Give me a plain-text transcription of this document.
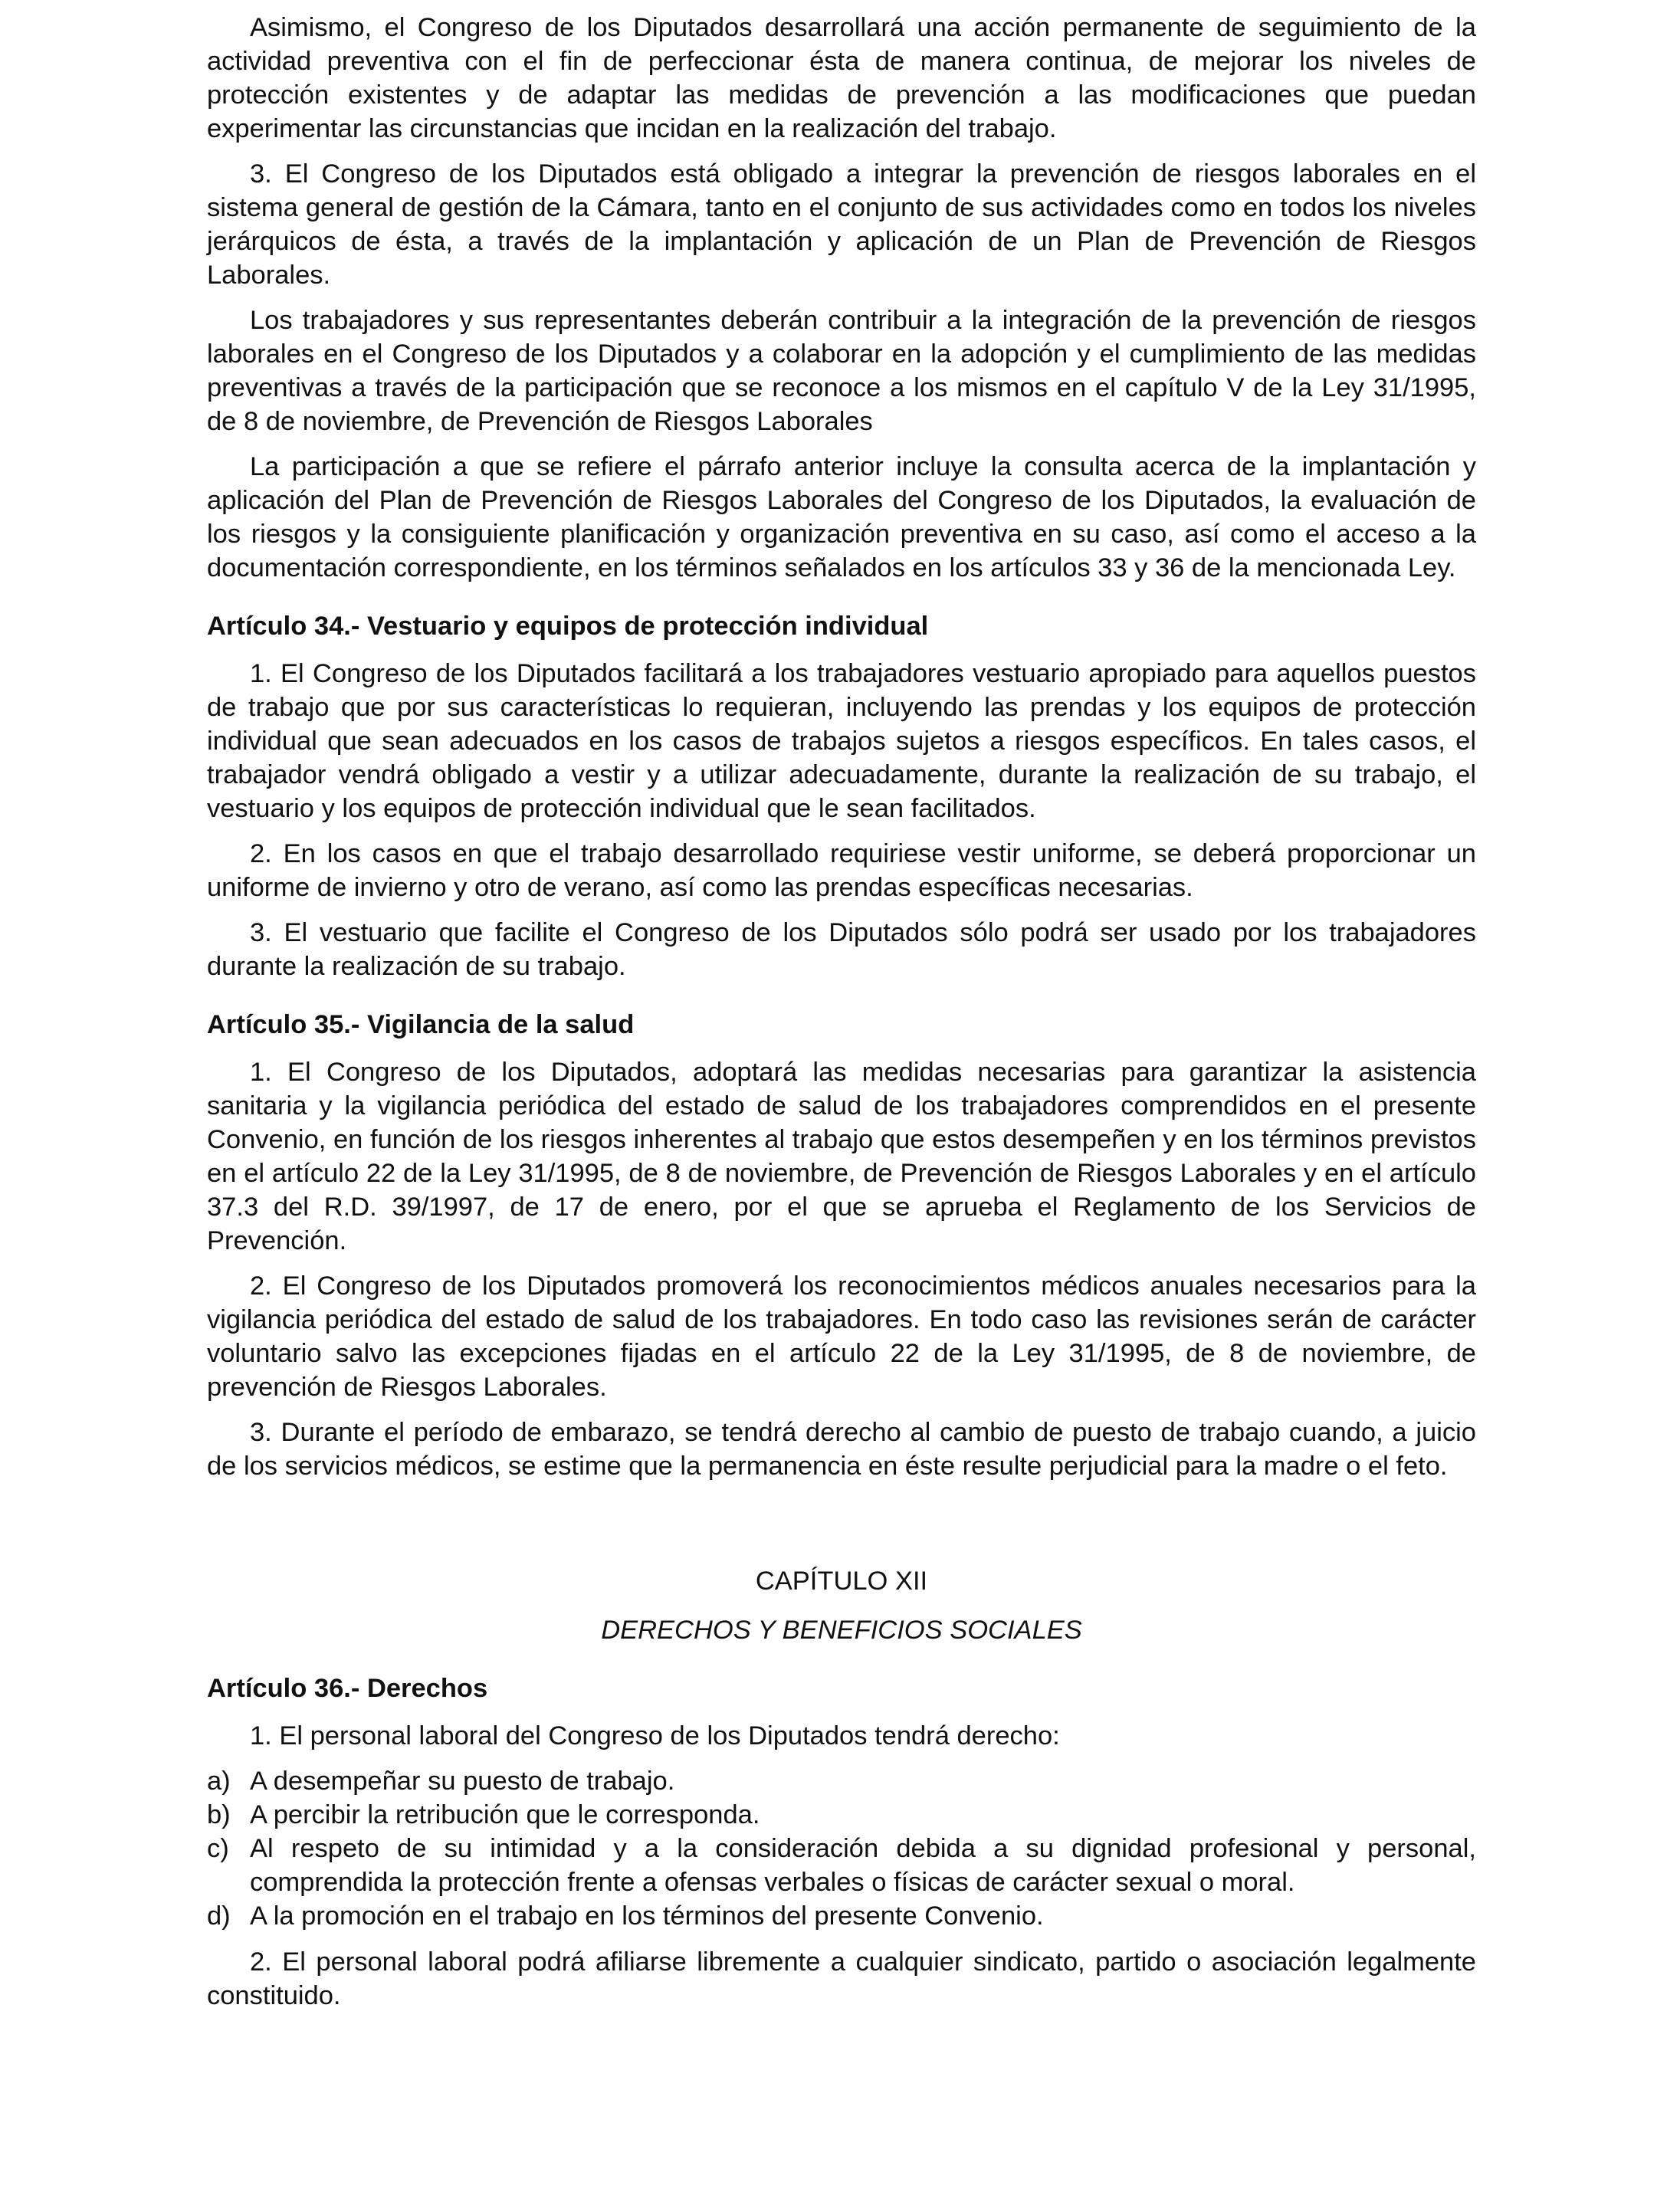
Asimismo, el Congreso de los Diputados desarrollará una acción permanente de seguimiento de la actividad preventiva con el fin de perfeccionar ésta de manera continua, de mejorar los niveles de protección existentes y de adaptar las medidas de prevención a las modificaciones que puedan experimentar las circunstancias que incidan en la realización del trabajo.

3. El Congreso de los Diputados está obligado a integrar la prevención de riesgos laborales en el sistema general de gestión de la Cámara, tanto en el conjunto de sus actividades como en todos los niveles jerárquicos de ésta, a través de la implantación y aplicación de un Plan de Prevención de Riesgos Laborales.

Los trabajadores y sus representantes deberán contribuir a la integración de la prevención de riesgos laborales en el Congreso de los Diputados y a colaborar en la adopción y el cumplimiento de las medidas preventivas a través de la participación que se reconoce a los mismos en el capítulo V de la Ley 31/1995, de 8 de noviembre, de Prevención de Riesgos Laborales

La participación a que se refiere el párrafo anterior incluye la consulta acerca de la implantación y aplicación del Plan de Prevención de Riesgos Laborales del Congreso de los Diputados, la evaluación de los riesgos y la consiguiente planificación y organización preventiva en su caso, así como el acceso a la documentación correspondiente, en los términos señalados en los artículos 33 y 36 de la mencionada Ley.

Artículo 34.- Vestuario y equipos de protección individual

1. El Congreso de los Diputados facilitará a los trabajadores vestuario apropiado para aquellos puestos de trabajo que por sus características lo requieran, incluyendo las prendas y los equipos de protección individual que sean adecuados en los casos de trabajos sujetos a riesgos específicos. En tales casos, el trabajador vendrá obligado a vestir y a utilizar adecuadamente, durante la realización de su trabajo, el vestuario y los equipos de protección individual que le sean facilitados.

2. En los casos en que el trabajo desarrollado requiriese vestir uniforme, se deberá proporcionar un uniforme de invierno y otro de verano, así como las prendas específicas necesarias.

3. El vestuario que facilite el Congreso de los Diputados sólo podrá ser usado por los trabajadores durante la realización de su trabajo.

Artículo 35.- Vigilancia de la salud

1. El Congreso de los Diputados, adoptará las medidas necesarias para garantizar la asistencia sanitaria y la vigilancia periódica del estado de salud de los trabajadores comprendidos en el presente Convenio, en función de los riesgos inherentes al trabajo que estos desempeñen y en los términos previstos en el artículo 22 de la Ley 31/1995, de 8 de noviembre, de Prevención de Riesgos Laborales y en el artículo 37.3 del R.D. 39/1997, de 17 de enero, por el que se aprueba el Reglamento de los Servicios de Prevención.

2. El Congreso de los Diputados promoverá los reconocimientos médicos anuales necesarios para la vigilancia periódica del estado de salud de los trabajadores. En todo caso las revisiones serán de carácter voluntario salvo las excepciones fijadas en el artículo 22 de la Ley 31/1995, de 8 de noviembre, de prevención de Riesgos Laborales.

3. Durante el período de embarazo, se tendrá derecho al cambio de puesto de trabajo cuando, a juicio de los servicios médicos, se estime que la permanencia en éste resulte perjudicial para la madre o el feto.

CAPÍTULO XII
DERECHOS Y BENEFICIOS SOCIALES
Artículo 36.- Derechos

1. El personal laboral del Congreso de los Diputados tendrá derecho:

a) A desempeñar su puesto de trabajo.
b) A percibir la retribución que le corresponda.
c) Al respeto de su intimidad y a la consideración debida a su dignidad profesional y personal, comprendida la protección frente a ofensas verbales o físicas de carácter sexual o moral.
d) A la promoción en el trabajo en los términos del presente Convenio.

2. El personal laboral podrá afiliarse libremente a cualquier sindicato, partido o asociación legalmente constituido.
